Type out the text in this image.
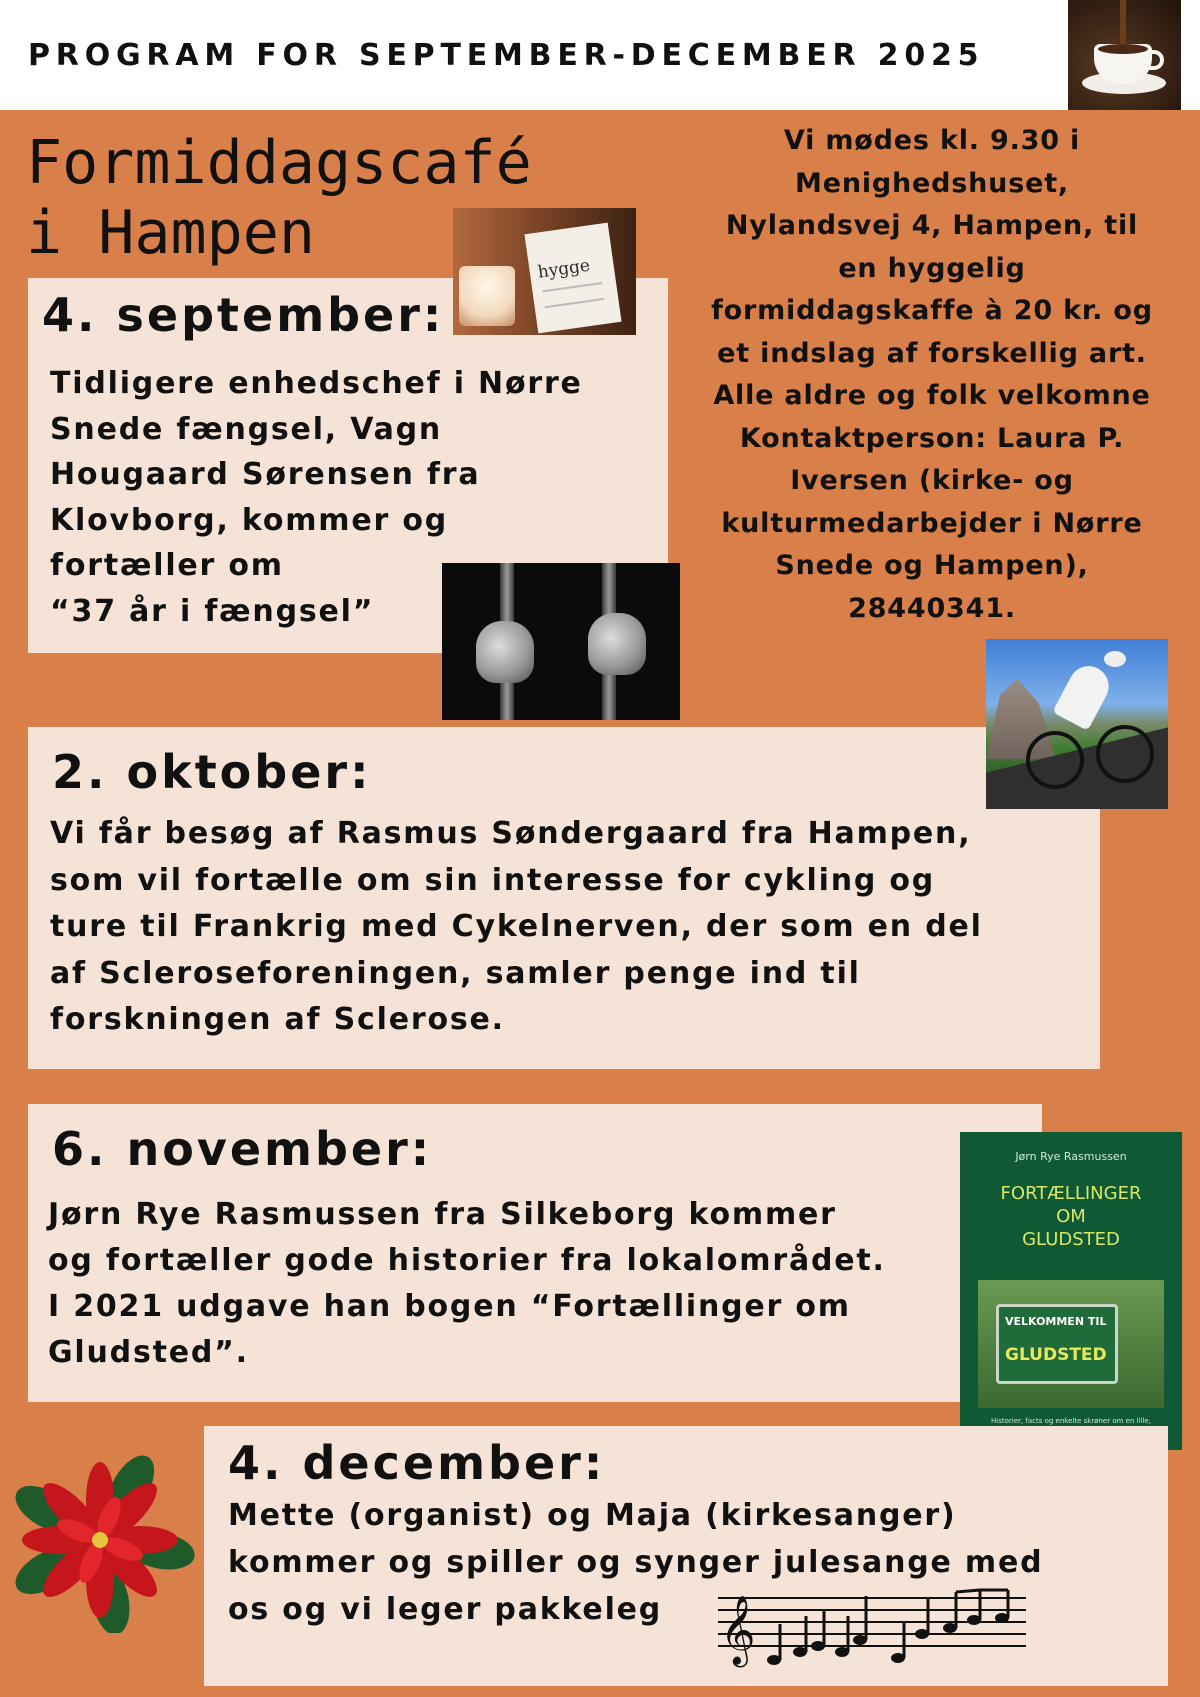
PROGRAM FOR SEPTEMBER-DECEMBER 2025
Formiddagscafé
i Hampen
Vi mødes kl. 9.30 i
Menighedshuset,
Nylandsvej 4, Hampen, til
en hyggelig
formiddagskaffe à 20 kr. og
et indslag af forskellig art.
Alle aldre og folk velkomne
Kontaktperson: Laura P.
Iversen (kirke- og
kulturmedarbejder i Nørre
Snede og Hampen),
28440341.
4. september:
Tidligere enhedschef i Nørre
Snede fængsel, Vagn
Hougaard Sørensen fra
Klovborg, kommer og
fortæller om
“37 år i fængsel”
hygge
2. oktober:
Vi får besøg af Rasmus Søndergaard fra Hampen,
som vil fortælle om sin interesse for cykling og
ture til Frankrig med Cykelnerven, der som en del
af Scleroseforeningen, samler penge ind til
forskningen af Sclerose.
6. november:
Jørn Rye Rasmussen fra Silkeborg kommer
og fortæller gode historier fra lokalområdet.
I 2021 udgave han bogen “Fortællinger om
Gludsted”.
Jørn Rye Rasmussen
FORTÆLLINGER
OM
GLUDSTED
VELKOMMEN TIL
GLUDSTED
Historier, facts og enkelte skrøner om en lille,
4. december:
Mette (organist) og Maja (kirkesanger)
kommer og spiller og synger julesange med
os og vi leger pakkeleg 𝄞
